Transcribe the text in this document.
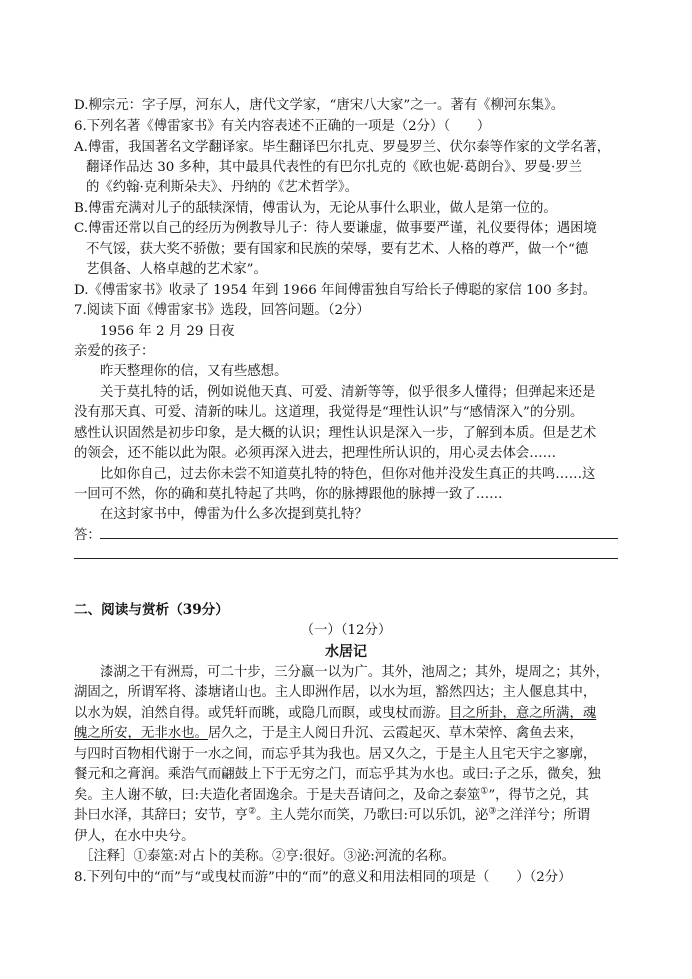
D.柳宗元：字子厚，河东人，唐代文学家，“唐宋八大家”之一。著有《柳河东集》。
6.下列名著《傅雷家书》有关内容表述不正确的一项是（2分）（　　）
A.傅雷，我国著名文学翻译家。毕生翻译巴尔扎克、罗曼罗兰、伏尔泰等作家的文学名著，
翻译作品达 30 多种，其中最具代表性的有巴尔扎克的《欧也妮·葛朗台》、罗曼·罗兰
的《约翰·克利斯朵夫》、丹纳的《艺术哲学》。
B.傅雷充满对儿子的舐犊深情，傅雷认为，无论从事什么职业，做人是第一位的。
C.傅雷还常以自己的经历为例教导儿子：待人要谦虚，做事要严谨，礼仪要得体；遇困境
不气馁，获大奖不骄傲；要有国家和民族的荣辱，要有艺术、人格的尊严，做一个“德
艺俱备、人格卓越的艺术家”。
D.《傅雷家书》收录了 1954 年到 1966 年间傅雷独自写给长子傅聪的家信 100 多封。
7.阅读下面《傅雷家书》选段，回答问题。（2分）
1956 年 2 月 29 日夜
亲爱的孩子：
昨天整理你的信，又有些感想。
关于莫扎特的话，例如说他天真、可爱、清新等等，似乎很多人懂得；但弹起来还是
没有那天真、可爱、清新的味儿。这道理，我觉得是“理性认识”与“感情深入”的分别。
感性认识固然是初步印象，是大概的认识；理性认识是深入一步，了解到本质。但是艺术
的领会，还不能以此为限。必须再深入进去，把理性所认识的，用心灵去体会……
比如你自己，过去你未尝不知道莫扎特的特色，但你对他并没发生真正的共鸣……这
一回可不然，你的确和莫扎特起了共鸣，你的脉搏跟他的脉搏一致了……
在这封家书中，傅雷为什么多次提到莫扎特？
答：
二、阅读与赏析（39分）
（一）（12分）
水居记
漆湖之干有洲焉，可二十步，三分嬴一以为广。其外，池周之；其外，堤周之；其外，
湖固之，所谓军将、漆塘诸山也。主人即洲作居，以水为垣，豁然四达；主人偃息其中，
以水为娱，洎然自得。或凭轩而眺，或隐几而瞑，或曳杖而游。目之所卦，意之所满，魂
魄之所安，无非水也。居久之，于是主人阅日升沉、云霞起灭、草木荣悴、禽鱼去来，
与四时百物相代谢于一水之间，而忘乎其为我也。居又久之，于是主人且宅天宇之寥廓，
餐元和之膏润。乘浩气而翩鼓上下于无穷之门，而忘乎其为水也。或曰:子之乐，微矣，独
矣。主人谢不敏，曰:夫造化者固逸余。于是夫吾请问之，及命之泰筮①”，得节之兑，其
卦曰水泽，其辞曰；安节，亨②。主人莞尔而笑，乃歌曰:可以乐饥，泌③之洋洋兮；所谓
伊人，在水中央兮。
［注释］①泰筮:对占卜的美称。②亨:很好。③泌:河流的名称。
8.下列句中的“而”与“或曳杖而游”中的“而”的意义和用法相同的项是（　　）（2分）
